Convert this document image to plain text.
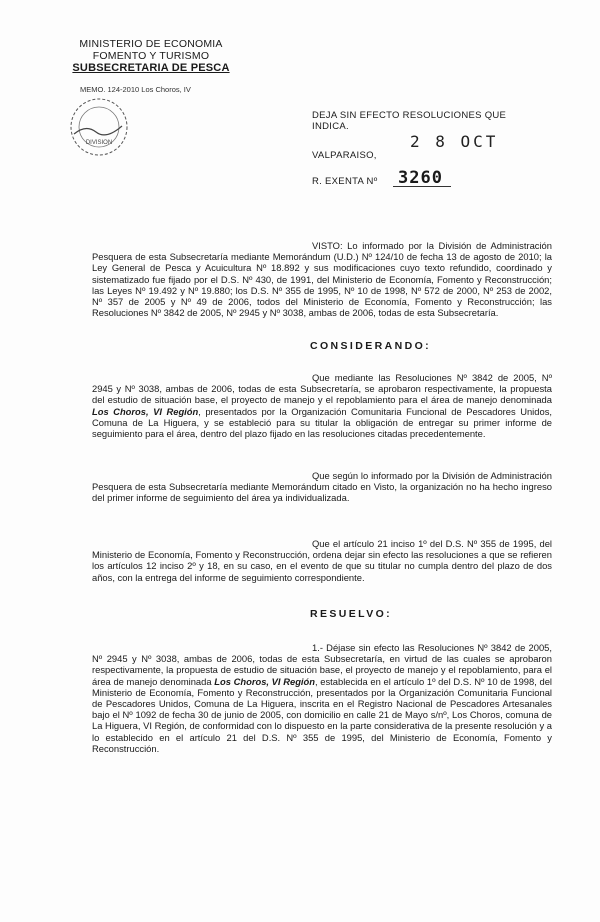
MINISTERIO DE ECONOMIA
FOMENTO Y TURISMO
SUBSECRETARIA DE PESCA
MEMO. 124-2010 Los Choros, IV
DIVISION
DEJA SIN EFECTO RESOLUCIONES QUE
INDICA.
VALPARAISO,
2 8 OCT
R. EXENTA Nº 3260
VISTO: Lo informado por la División de Administración Pesquera de esta Subsecretaría mediante Memorándum (U.D.) Nº 124/10 de fecha 13 de agosto de 2010; la Ley General de Pesca y Acuicultura Nº 18.892 y sus modificaciones cuyo texto refundido, coordinado y sistematizado fue fijado por el D.S. Nº 430, de 1991, del Ministerio de Economía, Fomento y Reconstrucción; las Leyes Nº 19.492 y Nº 19.880; los D.S. Nº 355 de 1995, Nº 10 de 1998, Nº 572 de 2000, Nº 253 de 2002, Nº 357 de 2005 y Nº 49 de 2006, todos del Ministerio de Economía, Fomento y Reconstrucción; las Resoluciones Nº 3842 de 2005, Nº 2945 y Nº 3038, ambas de 2006, todas de esta Subsecretaría.
CONSIDERANDO:
Que mediante las Resoluciones Nº 3842 de 2005, Nº 2945 y Nº 3038, ambas de 2006, todas de esta Subsecretaría, se aprobaron respectivamente, la propuesta del estudio de situación base, el proyecto de manejo y el repoblamiento para el área de manejo denominada Los Choros, VI Región, presentados por la Organización Comunitaria Funcional de Pescadores Unidos, Comuna de La Higuera, y se estableció para su titular la obligación de entregar su primer informe de seguimiento para el área, dentro del plazo fijado en las resoluciones citadas precedentemente.
Que según lo informado por la División de Administración Pesquera de esta Subsecretaría mediante Memorándum citado en Visto, la organización no ha hecho ingreso del primer informe de seguimiento del área ya individualizada.
Que el artículo 21 inciso 1º del D.S. Nº 355 de 1995, del Ministerio de Economía, Fomento y Reconstrucción, ordena dejar sin efecto las resoluciones a que se refieren los artículos 12 inciso 2º y 18, en su caso, en el evento de que su titular no cumpla dentro del plazo de dos años, con la entrega del informe de seguimiento correspondiente.
RESUELVO:
1.- Déjase sin efecto las Resoluciones Nº 3842 de 2005, Nº 2945 y Nº 3038, ambas de 2006, todas de esta Subsecretaría, en virtud de las cuales se aprobaron respectivamente, la propuesta de estudio de situación base, el proyecto de manejo y el repoblamiento, para el área de manejo denominada Los Choros, VI Región, establecida en el artículo 1º del D.S. Nº 10 de 1998, del Ministerio de Economía, Fomento y Reconstrucción, presentados por la Organización Comunitaria Funcional de Pescadores Unidos, Comuna de La Higuera, inscrita en el Registro Nacional de Pescadores Artesanales bajo el Nº 1092 de fecha 30 de junio de 2005, con domicilio en calle 21 de Mayo s/nº, Los Choros, comuna de La Higuera, VI Región, de conformidad con lo dispuesto en la parte considerativa de la presente resolución y a lo establecido en el artículo 21 del D.S. Nº 355 de 1995, del Ministerio de Economía, Fomento y Reconstrucción.
